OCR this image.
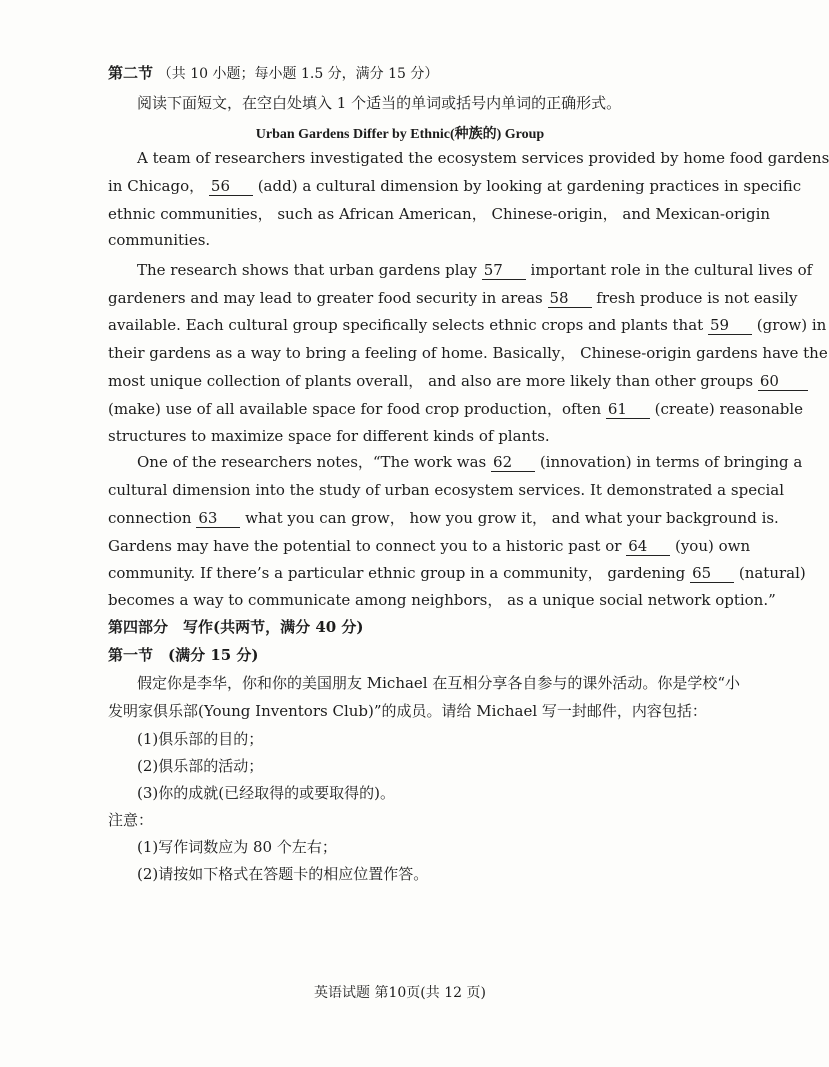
第二节 （共 10 小题；每小题 1.5 分，满分 15 分）
阅读下面短文，在空白处填入 1 个适当的单词或括号内单词的正确形式。
Urban Gardens Differ by Ethnic(种族的) Group
A team of researchers investigated the ecosystem services provided by home food gardens
in Chicago， 56 (add) a cultural dimension by looking at gardening practices in specific
ethnic communities， such as African American， Chinese-origin， and Mexican-origin
communities.
The research shows that urban gardens play 57 important role in the cultural lives of
gardeners and may lead to greater food security in areas 58 fresh produce is not easily
available. Each cultural group specifically selects ethnic crops and plants that 59 (grow) in
their gardens as a way to bring a feeling of home. Basically， Chinese-origin gardens have the
most unique collection of plants overall， and also are more likely than other groups 60
(make) use of all available space for food crop production，often 61 (create) reasonable
structures to maximize space for different kinds of plants.
One of the researchers notes，“The work was 62 (innovation) in terms of bringing a
cultural dimension into the study of urban ecosystem services. It demonstrated a special
connection 63 what you can grow， how you grow it， and what your background is.
Gardens may have the potential to connect you to a historic past or 64 (you) own
community. If there’s a particular ethnic group in a community， gardening 65 (natural)
becomes a way to communicate among neighbors， as a unique social network option.”
第四部分　写作(共两节，满分 40 分)
第一节　(满分 15 分)
假定你是李华，你和你的美国朋友 Michael 在互相分享各自参与的课外活动。你是学校“小
发明家俱乐部(Young Inventors Club)”的成员。请给 Michael 写一封邮件，内容包括：
(1)俱乐部的目的；
(2)俱乐部的活动；
(3)你的成就(已经取得的或要取得的)。
注意：
(1)写作词数应为 80 个左右；
(2)请按如下格式在答题卡的相应位置作答。
英语试题 第10页(共 12 页)
